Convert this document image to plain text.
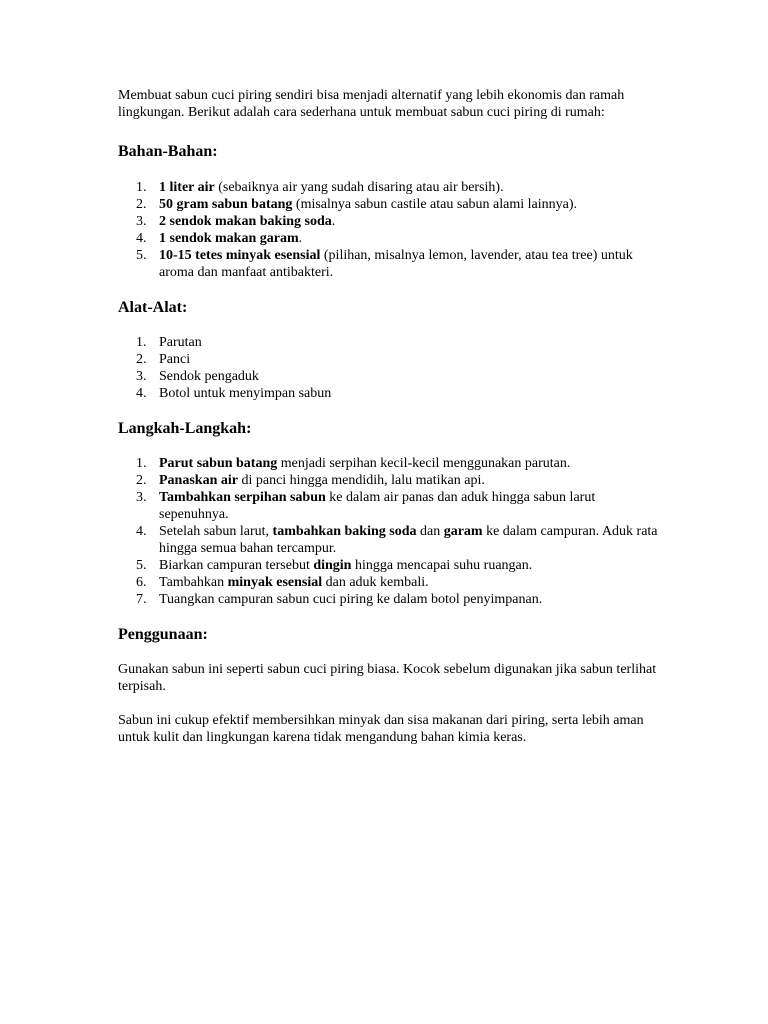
Membuat sabun cuci piring sendiri bisa menjadi alternatif yang lebih ekonomis dan ramah lingkungan. Berikut adalah cara sederhana untuk membuat sabun cuci piring di rumah:

Bahan-Bahan:
1. 1 liter air (sebaiknya air yang sudah disaring atau air bersih).
2. 50 gram sabun batang (misalnya sabun castile atau sabun alami lainnya).
3. 2 sendok makan baking soda.
4. 1 sendok makan garam.
5. 10-15 tetes minyak esensial (pilihan, misalnya lemon, lavender, atau tea tree) untuk aroma dan manfaat antibakteri.
Alat-Alat:
1. Parutan
2. Panci
3. Sendok pengaduk
4. Botol untuk menyimpan sabun
Langkah-Langkah:
1. Parut sabun batang menjadi serpihan kecil-kecil menggunakan parutan.
2. Panaskan air di panci hingga mendidih, lalu matikan api.
3. Tambahkan serpihan sabun ke dalam air panas dan aduk hingga sabun larut sepenuhnya.
4. Setelah sabun larut, tambahkan baking soda dan garam ke dalam campuran. Aduk rata hingga semua bahan tercampur.
5. Biarkan campuran tersebut dingin hingga mencapai suhu ruangan.
6. Tambahkan minyak esensial dan aduk kembali.
7. Tuangkan campuran sabun cuci piring ke dalam botol penyimpanan.
Penggunaan:

Gunakan sabun ini seperti sabun cuci piring biasa. Kocok sebelum digunakan jika sabun terlihat terpisah.

Sabun ini cukup efektif membersihkan minyak dan sisa makanan dari piring, serta lebih aman untuk kulit dan lingkungan karena tidak mengandung bahan kimia keras.
